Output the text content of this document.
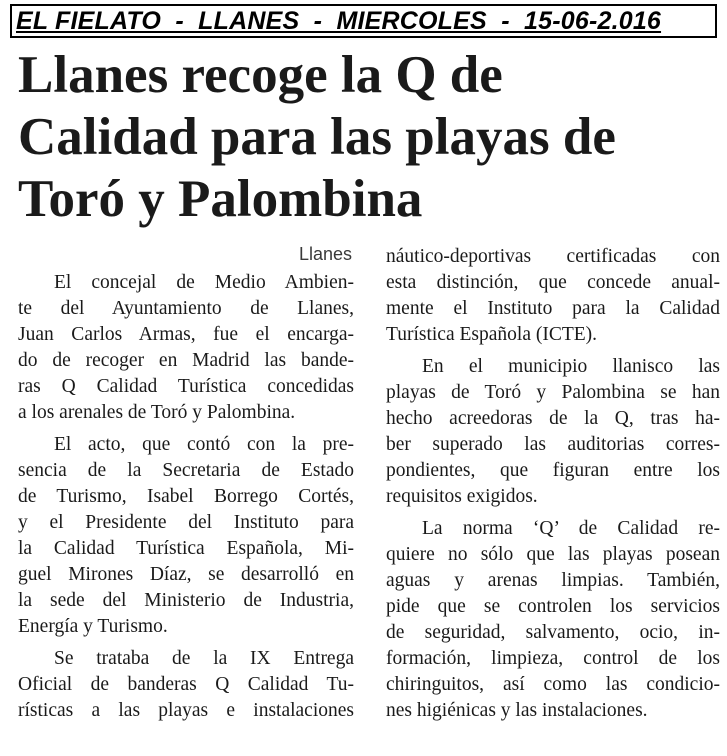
EL FIELATO  -  LLANES  -  MIERCOLES  -  15-06-2.016
Llanes recoge la Q de
Calidad para las playas de
Toró y Palombina
Llanes
El concejal de Medio Ambien-
te del Ayuntamiento de Llanes,
Juan Carlos Armas, fue el encarga-
do de recoger en Madrid las bande-
ras Q Calidad Turística concedidas
a los arenales de Toró y Palombina.
El acto, que contó con la pre-
sencia de la Secretaria de Estado
de Turismo, Isabel Borrego Cortés,
y el Presidente del Instituto para
la Calidad Turística Española, Mi-
guel Mirones Díaz, se desarrolló en
la sede del Ministerio de Industria,
Energía y Turismo.
Se trataba de la IX Entrega
Oficial de banderas Q Calidad Tu-
rísticas a las playas e instalaciones
náutico-deportivas certificadas con
esta distinción, que concede anual-
mente el Instituto para la Calidad
Turística Española (ICTE).
En el municipio llanisco las
playas de Toró y Palombina se han
hecho acreedoras de la Q, tras ha-
ber superado las auditorias corres-
pondientes, que figuran entre los
requisitos exigidos.
La norma ‘Q’ de Calidad re-
quiere no sólo que las playas posean
aguas y arenas limpias. También,
pide que se controlen los servicios
de seguridad, salvamento, ocio, in-
formación, limpieza, control de los
chiringuitos, así como las condicio-
nes higiénicas y las instalaciones.
